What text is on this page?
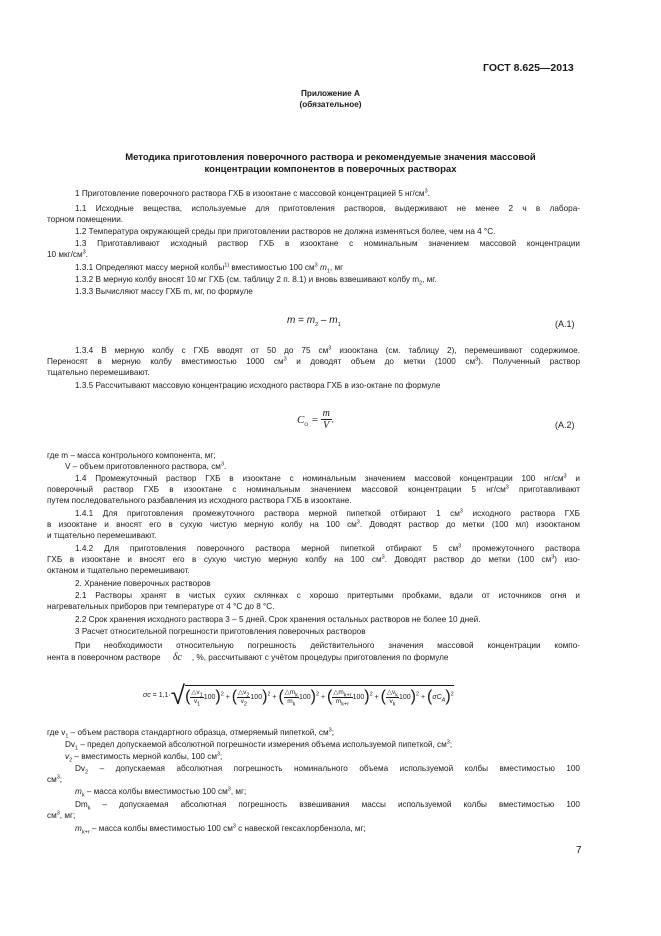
ГОСТ 8.625—2013
Приложение А
(обязательное)
Методика приготовления поверочного раствора и рекомендуемые значения массовой
концентрации компонентов в поверочных растворах
1 Приготовление поверочного раствора ГХБ в изооктане с массовой концентрацией 5 $нг/см^3$.
1.1 Исходные вещества, используемые для приготовления растворов, выдерживают не менее 2 ч в лабора-
торном помещении.
1.2 Температура окружающей среды при приготовлении растворов не должна изменяться более, чем на 4 °С.
1.3 Приготавливают исходный раствор ГХБ в изооктане с номинальным значением массовой концентрации
10 мкг/$см^3$.
1.3.1 Определяют массу мерной колбы$^{1)}$ вместимостью 100 $см^3$ $m_1$, мг
1.3.2 В мерную колбу вносят 10 мг ГХБ (см. таблицу 2 п. 8.1) и вновь взвешивают колбу $m_2$, мг.
1.3.3 Вычисляют массу ГХБ m, мг, по формуле
$m = m_2 - m_1$	(А.1)
1.3.4 В мерную колбу с ГХБ вводят от 50 до 75 $см^3$ изооктана (см. таблицу 2), перемешивают содержимое.
Переносят в мерную колбу вместимостью 1000 $см^3$ и доводят объем до метки (1000 $см^3$). Полученный раствор
тщательно перемешивают.
1.3.5 Рассчитывают массовую концентрацию исходного раствора ГХБ в изо-октане по формуле
$C_O = \frac{m}{V}$ ,
(А.2)
где m – масса контрольного компонента, мг;
V – объем приготовленного раствора, $см^3$.
1.4 Промежуточный раствор ГХБ в изооктане с номинальным значением массовой концентрации 100 $нг/см^3$ и
поверочный раствор ГХБ в изооктане с номинальным значением массовой концентрации 5 $нг/см^3$ приготавливают
путем последовательного разбавления из исходного раствора ГХБ в изооктане.
1.4.1 Для приготовления промежуточного раствора мерной пипеткой отбирают 1 $см^3$ исходного раствора ГХБ
в изооктане и вносят его в сухую чистую мерную колбу на 100 $см^3$. Доводят раствор до метки (100 мл) изооктаном
и тщательно перемешивают.
1.4.2 Для приготовления поверочного раствора мерной пипеткой отбирают 5 $см^3$ промежуточного раствора
ГХБ в изооктане и вносят его в сухую чистую мерную колбу на 100 $см^3$. Доводят раствор до метки (100 $см^3$) изо-
октаном и тщательно перемешивают.
2. Хранение поверочных растворов
2.1 Растворы хранят в чистых сухих склянках с хорошо притертыми пробками, вдали от источников огня и
нагревательных приборов при температуре от 4 °С до 8 °С.
2.2 Срок хранения исходного раствора 3 – 5 дней. Срок хранения остальных растворов не более 10 дней.
3 Расчет относительной погрешности приготовления поверочных растворов
При необходимости относительную погрешность действительного значения массовой концентрации компо-
нента в поверочном растворе δc , %, рассчитывают с учётом процедуры приготовления по формуле
$\sigma c = 1,1\cdot√( \frac{\triangle v_1}{v_1} 100)^2$ + ( $\frac{\triangle v_2}{v_2} 100)^2$ + ( $\frac{\triangle m_k}{m_k} 100)^2$ + ( $\frac{\triangle m_{k+r}}{m_{k+r}} 100)^2$ + ( $\frac{\triangle v_k}{v_k} 100)^2 + (\sigma C_A)^2$
где $v_1$ – объем раствора стандартного образца, отмеряемый пипеткой, $см^3$;
$Dv_1$ – предел допускаемой абсолютной погрешности измерения объема используемой пипеткой, $см^3$;
$v_2$ – вместимость мерной колбы, 100 $см^3$;
$Dv_2$ – допускаемая абсолютная погрешность номинального объема используемой колбы вместимостью 100
$см^3$;
$m_k$ – масса колбы вместимостью 100 $см^3$, мг;
$Dm_k$ – допускаемая абсолютная погрешность взвешивания массы используемой колбы вместимостью 100
$см^3$, мг;
$m_{k+r}$ – масса колбы вместимостью 100 $см^3$ с навеской гексахлорбензола, мг;
7
